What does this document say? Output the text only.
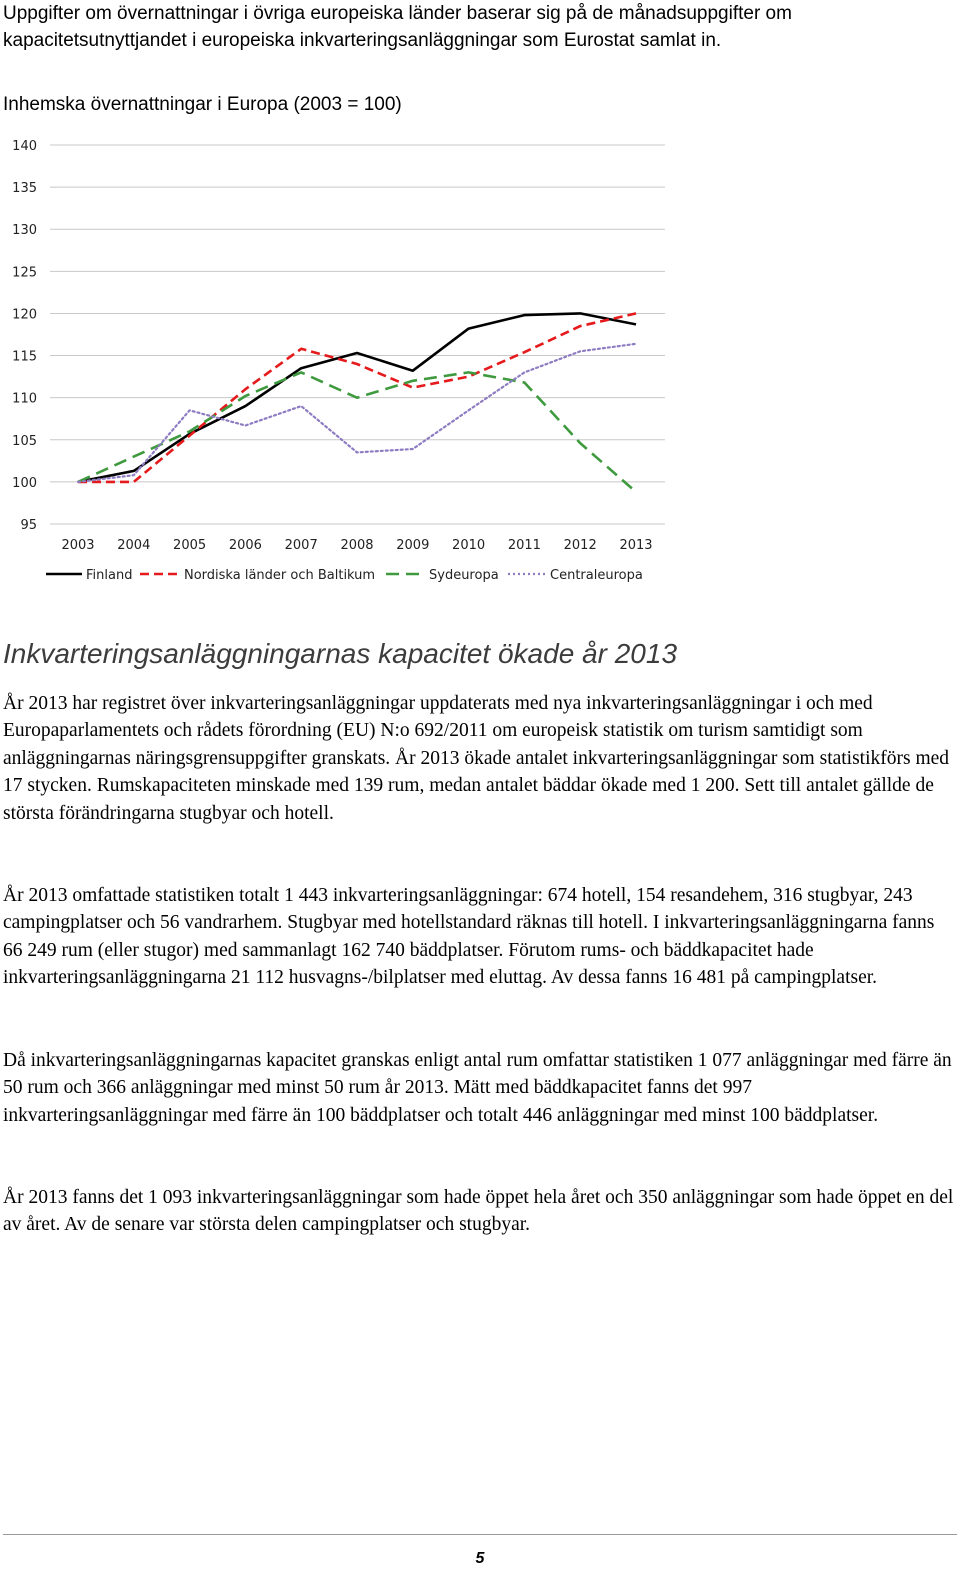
Uppgifter om övernattningar i övriga europeiska länder baserar sig på de månadsuppgifter om kapacitetsutnyttjandet i europeiska inkvarteringsanläggningar som Eurostat samlat in.

Inhemska övernattningar i Europa (2003 = 100)
140
135
130
125
120
115
110
105
100
95
2003 2004 2005 2006 2007 2008 2009 2010 2011 2012 2013
Finland	Nordiska länder och Baltikum	Sydeuropa	Centraleuropa
Inkvarteringsanläggningarnas kapacitet ökade år 2013

År 2013 har registret över inkvarteringsanläggningar uppdaterats med nya inkvarteringsanläggningar i och med Europaparlamentets och rådets förordning (EU) N:o 692/2011 om europeisk statistik om turism samtidigt som anläggningarnas näringsgrensuppgifter granskats. År 2013 ökade antalet inkvarteringsanläggningar som statistikförs med 17 stycken. Rumskapaciteten minskade med 139 rum, medan antalet bäddar ökade med 1 200. Sett till antalet gällde de största förändringarna stugbyar och hotell.

År 2013 omfattade statistiken totalt 1 443 inkvarteringsanläggningar: 674 hotell, 154 resandehem, 316 stugbyar, 243 campingplatser och 56 vandrarhem. Stugbyar med hotellstandard räknas till hotell. I inkvarteringsanläggningarna fanns 66 249 rum (eller stugor) med sammanlagt 162 740 bäddplatser. Förutom rums- och bäddkapacitet hade inkvarteringsanläggningarna 21 112 husvagns-/bilplatser med eluttag. Av dessa fanns 16 481 på campingplatser.

Då inkvarteringsanläggningarnas kapacitet granskas enligt antal rum omfattar statistiken 1 077 anläggningar med färre än 50 rum och 366 anläggningar med minst 50 rum år 2013. Mätt med bäddkapacitet fanns det 997 inkvarteringsanläggningar med färre än 100 bäddplatser och totalt 446 anläggningar med minst 100 bäddplatser.

År 2013 fanns det 1 093 inkvarteringsanläggningar som hade öppet hela året och 350 anläggningar som hade öppet en del av året. Av de senare var största delen campingplatser och stugbyar.

5
